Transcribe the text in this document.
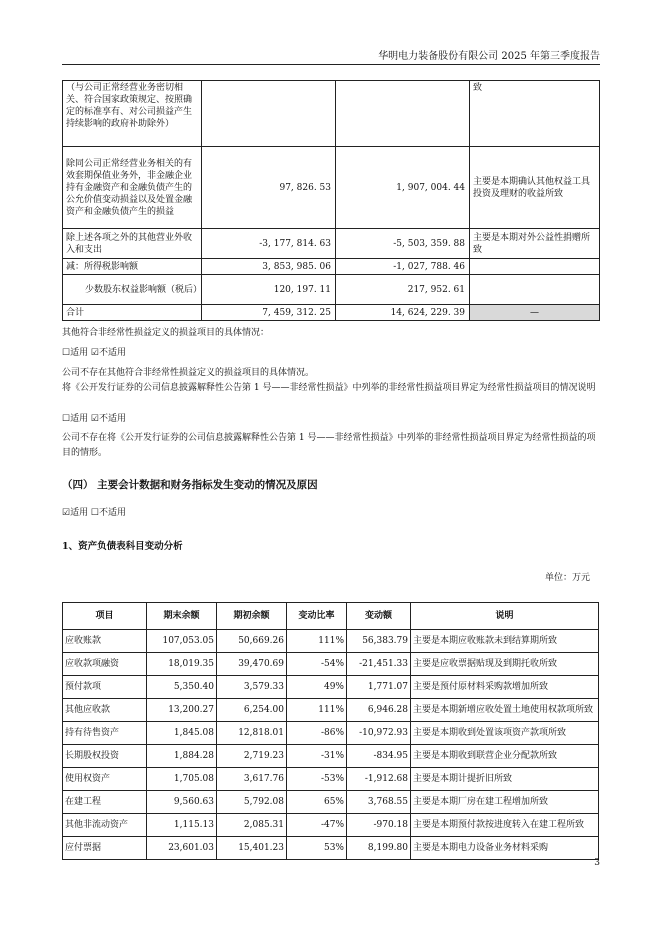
华明电力装备股份有限公司 2025 年第三季度报告
（与公司正常经营业务密切相关、符合国家政策规定、按照确定的标准享有、对公司损益产生持续影响的政府补助除外）			致
除同公司正常经营业务相关的有效套期保值业务外，非金融企业持有金融资产和金融负债产生的公允价值变动损益以及处置金融资产和金融负债产生的损益	97, 826. 53	1, 907, 004. 44	主要是本期确认其他权益工具投资及理财的收益所致
除上述各项之外的其他营业外收入和支出	-3, 177, 814. 63	-5, 503, 359. 88	主要是本期对外公益性捐赠所致
减：所得税影响额	3, 853, 985. 06	-1, 027, 788. 46	
少数股东权益影响额（税后）	120, 197. 11	217, 952. 61	
合计	7, 459, 312. 25	14, 624, 229. 39	—
其他符合非经常性损益定义的损益项目的具体情况：
☐适用 ☑不适用
公司不存在其他符合非经常性损益定义的损益项目的具体情况。
将《公开发行证券的公司信息披露解释性公告第 1 号——非经常性损益》中列举的非经常性损益项目界定为经常性损益项目的情况说明
☐适用 ☑不适用
公司不存在将《公开发行证券的公司信息披露解释性公告第 1 号——非经常性损益》中列举的非经常性损益项目界定为经常性损益的项目的情形。
（四） 主要会计数据和财务指标发生变动的情况及原因
☑适用 ☐不适用
1、资产负债表科目变动分析
单位：万元
项目	期末余额	期初余额	变动比率	变动额	说明
应收账款	107,053.05	50,669.26	111%	56,383.79	主要是本期应收账款未到结算期所致
应收款项融资	18,019.35	39,470.69	-54%	-21,451.33	主要是应收票据贴现及到期托收所致
预付款项	5,350.40	3,579.33	49%	1,771.07	主要是预付原材料采购款增加所致
其他应收款	13,200.27	6,254.00	111%	6,946.28	主要是本期新增应收处置土地使用权款项所致
持有待售资产	1,845.08	12,818.01	-86%	-10,972.93	主要是本期收到处置该项资产款项所致
长期股权投资	1,884.28	2,719.23	-31%	-834.95	主要是本期收到联营企业分配款所致
使用权资产	1,705.08	3,617.76	-53%	-1,912.68	主要是本期计提折旧所致
在建工程	9,560.63	5,792.08	65%	3,768.55	主要是本期厂房在建工程增加所致
其他非流动资产	1,115.13	2,085.31	-47%	-970.18	主要是本期预付款按进度转入在建工程所致
应付票据	23,601.03	15,401.23	53%	8,199.80	主要是本期电力设备业务材料采购
3
